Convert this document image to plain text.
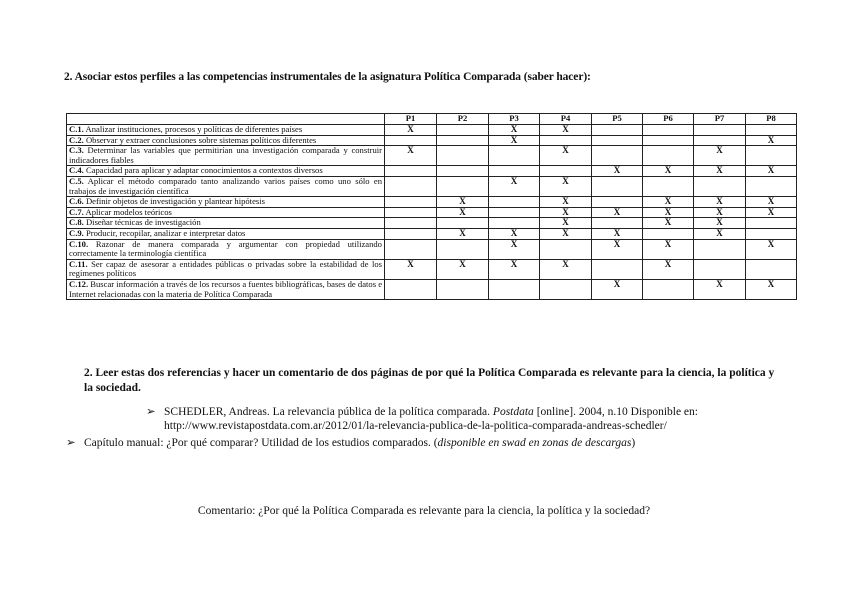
2. Asociar estos perfiles a las competencias instrumentales de la asignatura Política Comparada (saber hacer):
	P1	P2	P3	P4	P5	P6	P7	P8
C.1. Analizar instituciones, procesos y políticas de diferentes países	X		X	X				
C.2. Observar y extraer conclusiones sobre sistemas políticos diferentes			X					X
C.3. Determinar las variables que permitirían una investigación comparada y construir indicadores fiables	X			X			X	
C.4. Capacidad para aplicar y adaptar conocimientos a contextos diversos					X	X	X	X
C.5. Aplicar el método comparado tanto analizando varios países como uno sólo en trabajos de investigación científica			X	X				
C.6. Definir objetos de investigación y plantear hipótesis		X		X		X	X	X
C.7. Aplicar modelos teóricos		X		X	X	X	X	X
C.8. Diseñar técnicas de investigación				X		X	X	
C.9. Producir, recopilar, analizar e interpretar datos		X	X	X	X		X	
C.10. Razonar de manera comparada y argumentar con propiedad utilizando correctamente la terminología científica			X		X	X		X
C.11. Ser capaz de asesorar a entidades públicas o privadas sobre la estabilidad de los regímenes políticos	X	X	X	X		X		
C.12. Buscar información a través de los recursos a fuentes bibliográficas, bases de datos e Internet relacionadas con la materia de Política Comparada					X		X	X
2. Leer estas dos referencias y hacer un comentario de dos páginas de por qué la Política Comparada es relevante para la ciencia, la política y la sociedad.
➢ SCHEDLER, Andreas. La relevancia pública de la política comparada. Postdata [online]. 2004, n.10 Disponible en:
http://www.revistapostdata.com.ar/2012/01/la-relevancia-publica-de-la-politica-comparada-andreas-schedler/
➢ Capítulo manual: ¿Por qué comparar? Utilidad de los estudios comparados. (disponible en swad en zonas de descargas)
Comentario: ¿Por qué la Política Comparada es relevante para la ciencia, la política y la sociedad?
